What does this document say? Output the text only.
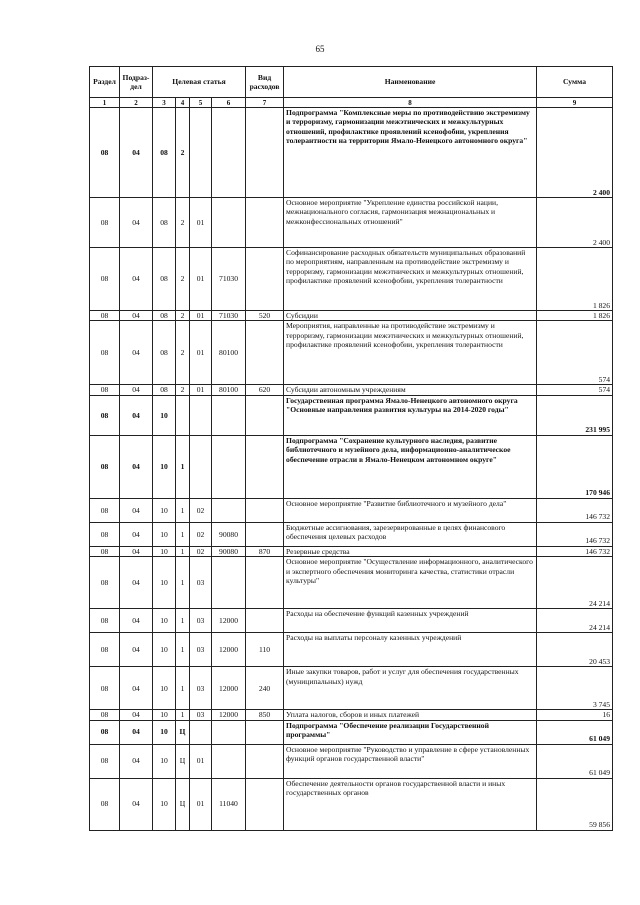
65
Раздел	Подраз-дел	Целевая статья				Вид расходов	Наименование	Сумма
1	2	3	4	5	6	7	8	9
08	04	08	2				Подпрограмма "Комплексные меры по противодействию экстремизму и терроризму, гармонизации межэтнических и межкультурных отношений, профилактике проявлений ксенофобии, укрепления толерантности на территории Ямало-Ненецкого автономного округа"	2 400
08	04	08	2	01			Основное мероприятие "Укрепление единства российской нации, межнационального согласия, гармонизация межнациональных и межконфессиональных отношений"	2 400
08	04	08	2	01	71030		Софинансирование расходных обязательств муниципальных образований по мероприятиям, направленным на противодействие экстремизму и терроризму, гармонизации межэтнических и межкультурных отношений, профилактике проявлений ксенофобии, укрепления толерантности	1 826
08	04	08	2	01	71030	520	Субсидии	1 826
08	04	08	2	01	80100		Мероприятия, направленные на противодействие экстремизму и терроризму, гармонизации межэтнических и межкультурных отношений, профилактике проявлений ксенофобии, укрепления толерантности	574
08	04	08	2	01	80100	620	Субсидии автономным учреждениям	574
08	04	10					Государственная программа Ямало-Ненецкого автономного округа "Основные направления развития культуры на 2014-2020 годы"	231 995
08	04	10	1				Подпрограмма "Сохранение культурного наследия, развитие библиотечного и музейного дела, информационно-аналитическое обеспечение отрасли в Ямало-Ненецком автономном округе"	170 946
08	04	10	1	02			Основное мероприятие "Развитие библиотечного и музейного дела"	146 732
08	04	10	1	02	90080		Бюджетные ассигнования, зарезервированные в целях финансового обеспечения целевых расходов	146 732
08	04	10	1	02	90080	870	Резервные средства	146 732
08	04	10	1	03			Основное мероприятие "Осуществление информационного, аналитического и экспертного обеспечения мониторинга качества, статистики отрасли культуры"	24 214
08	04	10	1	03	12000		Расходы на обеспечение функций казенных учреждений	24 214
08	04	10	1	03	12000	110	Расходы на выплаты персоналу казенных учреждений	20 453
08	04	10	1	03	12000	240	Иные закупки товаров, работ и услуг для обеспечения государственных (муниципальных) нужд	3 745
08	04	10	1	03	12000	850	Уплата налогов, сборов и иных платежей	16
08	04	10	Ц				Подпрограмма "Обеспечение реализации Государственной программы"	61 049
08	04	10	Ц	01			Основное мероприятие "Руководство и управление в сфере установленных функций органов государственной власти"	61 049
08	04	10	Ц	01	11040		Обеспечение деятельности органов государственной власти и иных государственных органов	59 856
